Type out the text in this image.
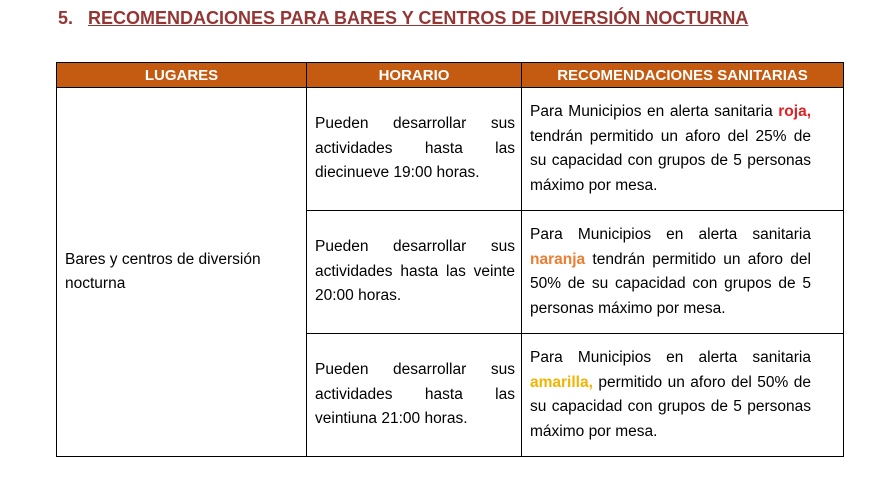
5. RECOMENDACIONES PARA BARES Y CENTROS DE DIVERSIÓN NOCTURNA
LUGARES	HORARIO	RECOMENDACIONES SANITARIAS
Bares y centros de diversión nocturna	Pueden desarrollar sus actividades hasta las diecinueve 19:00 horas.	Para Municipios en alerta sanitaria roja, tendrán permitido un aforo del 25% de su capacidad con grupos de 5 personas máximo por mesa.
	Pueden desarrollar sus actividades hasta las veinte 20:00 horas.	Para Municipios en alerta sanitaria naranja tendrán permitido un aforo del 50% de su capacidad con grupos de 5 personas máximo por mesa.
	Pueden desarrollar sus actividades hasta las veintiuna 21:00 horas.	Para Municipios en alerta sanitaria amarilla, permitido un aforo del 50% de su capacidad con grupos de 5 personas máximo por mesa.
